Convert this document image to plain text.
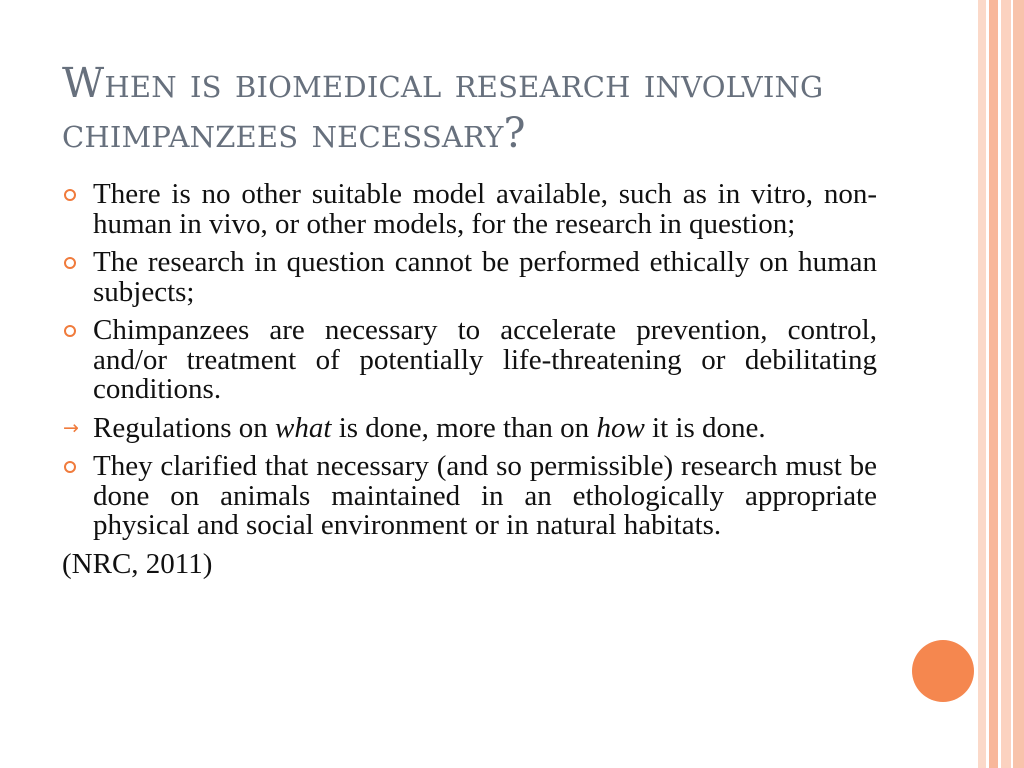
When is biomedical research involving chimpanzees necessary?

There is no other suitable model available, such as in vitro, non-human in vivo, or other models, for the research in question;

The research in question cannot be performed ethically on human subjects;

Chimpanzees are necessary to accelerate prevention, control, and/or treatment of potentially life-threatening or debilitating conditions.

→ Regulations on what is done, more than on how it is done.

They clarified that necessary (and so permissible) research must be done on animals maintained in an ethologically appropriate physical and social environment or in natural habitats.

(NRC, 2011)
